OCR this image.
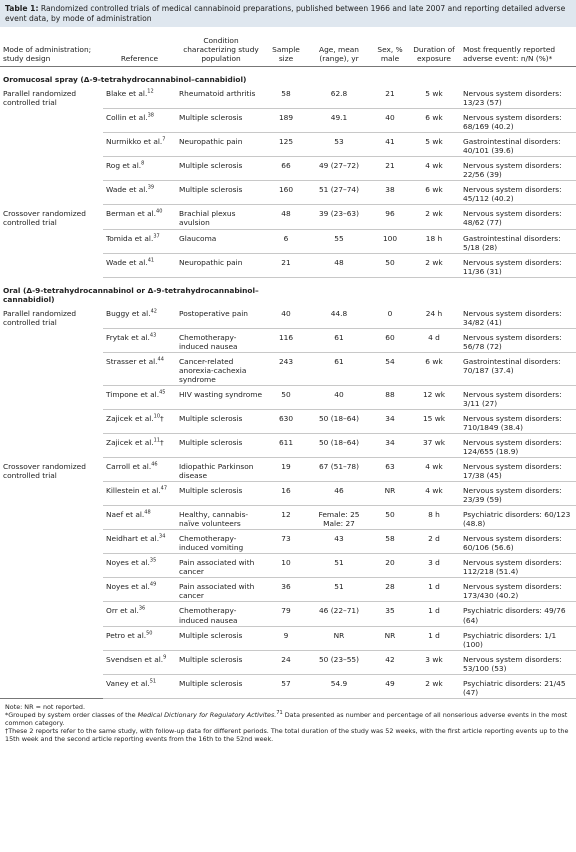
Table 1: Randomized controlled trials of medical cannabinoid preparations, published between 1966 and late 2007 and reporting detailed adverse event data, by mode of administration
Mode of administration; study design	Reference	Condition characterizing study population	Sample size	Age, mean (range), yr	Sex, % male	Duration of exposure	Most frequently reported adverse event: n/N (%)*
Oromucosal spray (Δ-9-tetrahydrocannabinol–cannabidiol)							
Parallel randomized controlled trial	Blake et al.$^{12}$	Rheumatoid arthritis	58	62.8	21	5 wk	Nervous system disorders: 13/23 (57)
	Collin et al.$^{38}$	Multiple sclerosis	189	49.1	40	6 wk	Nervous system disorders: 68/169 (40.2)
	Nurmikko et al.$^7$	Neuropathic pain	125	53	41	5 wk	Gastrointestinal disorders: 40/101 (39.6)
	Rog et al.$^8$	Multiple sclerosis	66	49 (27–72)	21	4 wk	Nervous system disorders: 22/56 (39)
	Wade et al.$^{39}$	Multiple sclerosis	160	51 (27–74)	38	6 wk	Nervous system disorders: 45/112 (40.2)
Crossover randomized controlled trial	Berman et al.$^{40}$	Brachial plexus avulsion	48	39 (23–63)	96	2 wk	Nervous system disorders: 48/62 (77)
	Tomida et al.$^{37}$	Glaucoma	6	55	100	18 h	Gastrointestinal disorders: 5/18 (28)
	Wade et al.$^{41}$	Neuropathic pain	21	48	50	2 wk	Nervous system disorders: 11/36 (31)
Oral (Δ-9-tetrahydrocannabinol or Δ-9-tetrahydrocannabinol–cannabidiol)							
Parallel randomized controlled trial	Buggy et al.$^{42}$	Postoperative pain	40	44.8	0	24 h	Nervous system disorders: 34/82 (41)
	Frytak et al.$^{43}$	Chemotherapy-induced nausea	116	61	60	4 d	Nervous system disorders: 56/78 (72)
	Strasser et al.$^{44}$	Cancer-related anorexia-cachexia syndrome	243	61	54	6 wk	Gastrointestinal disorders: 70/187 (37.4)
	Timpone et al.$^{45}$	HIV wasting syndrome	50	40	88	12 wk	Nervous system disorders: 3/11 (27)
	Zajicek et al.$^{10}$†	Multiple sclerosis	630	50 (18–64)	34	15 wk	Nervous system disorders: 710/1849 (38.4)
	Zajicek et al.$^{11}$†	Multiple sclerosis	611	50 (18–64)	34	37 wk	Nervous system disorders: 124/655 (18.9)
Crossover randomized controlled trial	Carroll et al.$^{46}$	Idiopathic Parkinson disease	19	67 (51–78)	63	4 wk	Nervous system disorders: 17/38 (45)
	Killestein et al.$^{47}$	Multiple sclerosis	16	46	NR	4 wk	Nervous system disorders: 23/39 (59)
	Naef et al.$^{48}$	Healthy, cannabis-naïve volunteers	12	Female: 25 Male: 27	50	8 h	Psychiatric disorders: 60/123 (48.8)
	Neidhart et al.$^{34}$	Chemotherapy-induced vomiting	73	43	58	2 d	Nervous system disorders: 60/106 (56.6)
	Noyes et al.$^{35}$	Pain associated with cancer	10	51	20	3 d	Nervous system disorders: 112/218 (51.4)
	Noyes et al.$^{49}$	Pain associated with cancer	36	51	28	1 d	Nervous system disorders: 173/430 (40.2)
	Orr et al.$^{36}$	Chemotherapy-induced nausea	79	46 (22–71)	35	1 d	Psychiatric disorders: 49/76 (64)
	Petro et al.$^{50}$	Multiple sclerosis	9	NR	NR	1 d	Psychiatric disorders: 1/1 (100)
	Svendsen et al.$^9$	Multiple sclerosis	24	50 (23–55)	42	3 wk	Nervous system disorders: 53/100 (53)
	Vaney et al.$^{51}$	Multiple sclerosis	57	54.9	49	2 wk	Psychiatric disorders: 21/45 (47)

Note: NR = not reported.

*Grouped by system order classes of the Medical Dictionary for Regulatory Activites.$^{71}$ Data presented as number and percentage of all nonserious adverse events in the most common category.

†These 2 reports refer to the same study, with follow-up data for different periods. The total duration of the study was 52 weeks, with the first article reporting events up to the 15th week and the second article reporting events from the 16th to the 52nd week.
